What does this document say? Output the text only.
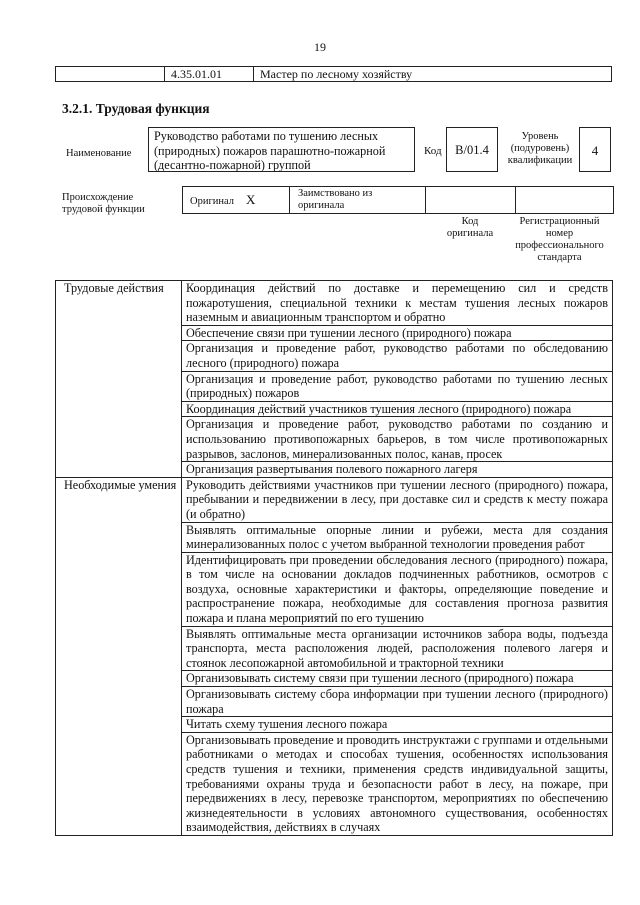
19
	4.35.01.01	Мастер по лесному хозяйству
3.2.1. Трудовая функция
Наименование
Руководство работами по тушению лесных (природных) пожаров парашютно-пожарной (десантно-пожарной) группой
Код	B/01.4
Уровень (подуровень) квалификации
4
Происхождение трудовой функции
Оригинал X	Заимствовано из оригинала
Код оригинала
Регистрационный номер профессионального стандарта
Трудовые действия	Координация действий по доставке и перемещению сил и средств пожаротушения, специальной техники к местам тушения лесных пожаров наземным и авиационным транспортом и обратно
	Обеспечение связи при тушении лесного (природного) пожара
	Организация и проведение работ, руководство работами по обследованию лесного (природного) пожара
	Организация и проведение работ, руководство работами по тушению лесных (природных) пожаров
	Координация действий участников тушения лесного (природного) пожара
	Организация и проведение работ, руководство работами по созданию и использованию противопожарных барьеров, в том числе противопожарных разрывов, заслонов, минерализованных полос, канав, просек
	Организация развертывания полевого пожарного лагеря
Необходимые умения	Руководить действиями участников при тушении лесного (природного) пожара, пребывании и передвижении в лесу, при доставке сил и средств к месту пожара (и обратно)
	Выявлять оптимальные опорные линии и рубежи, места для создания минерализованных полос с учетом выбранной технологии проведения работ
	Идентифицировать при проведении обследования лесного (природного) пожара, в том числе на основании докладов подчиненных работников, осмотров с воздуха, основные характеристики и факторы, определяющие поведение и распространение пожара, необходимые для составления прогноза развития пожара и плана мероприятий по его тушению
	Выявлять оптимальные места организации источников забора воды, подъезда транспорта, места расположения людей, расположения полевого лагеря и стоянок лесопожарной автомобильной и тракторной техники
	Организовывать систему связи при тушении лесного (природного) пожара
	Организовывать систему сбора информации при тушении лесного (природного) пожара
	Читать схему тушения лесного пожара
	Организовывать проведение и проводить инструктажи с группами и отдельными работниками о методах и способах тушения, особенностях использования средств тушения и техники, применения средств индивидуальной защиты, требованиями охраны труда и безопасности работ в лесу, на пожаре, при передвижениях в лесу, перевозке транспортом, мероприятиях по обеспечению жизнедеятельности в условиях автономного существования, особенностях взаимодействия, действиях в случаях
